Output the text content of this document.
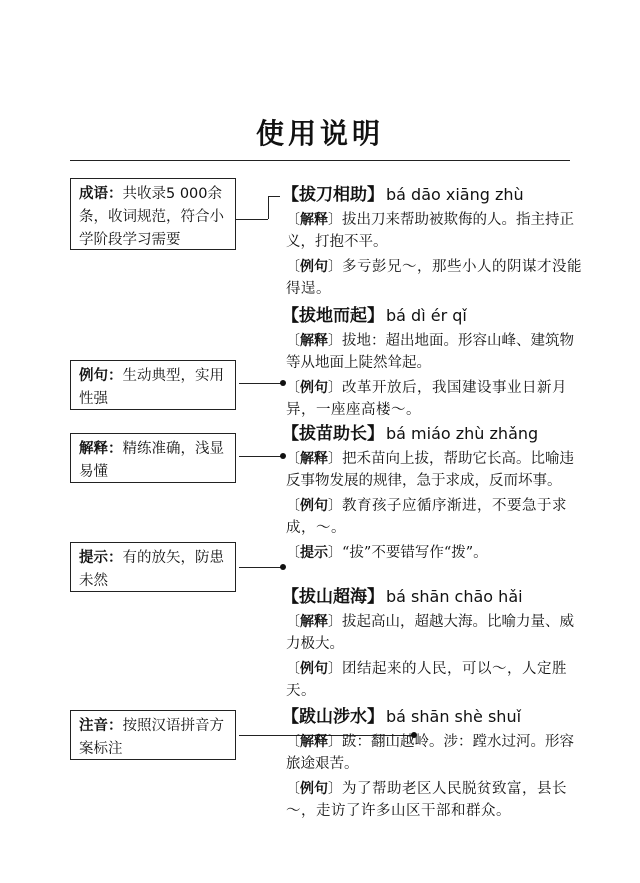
使用说明
成语：共收录5 000余条，收词规范，符合小学阶段学习需要
例句：生动典型，实用性强
解释：精练准确，浅显易懂
提示：有的放矢，防患未然
注音：按照汉语拼音方案标注
【拔刀相助】 bá dāo xiāng zhù
〔 解释 〕 拔出刀来帮助被欺侮的人。指主持正义，打抱不平。
〔 例句 〕 多亏彭兄～，那些小人的阴谋才没能得逞。
【拔地而起】 bá dì ér qǐ
〔 解释 〕 拔地：超出地面。形容山峰、建筑物等从地面上陡然耸起。
〔 例句 〕 改革开放后，我国建设事业日新月异，一座座高楼～。
【拔苗助长】 bá miáo zhù zhǎng
〔 解释 〕 把禾苗向上拔，帮助它长高。比喻违反事物发展的规律，急于求成，反而坏事。
〔 例句 〕 教育孩子应循序渐进，不要急于求成，～。
〔 提示 〕 “拔”不要错写作“拨”。
【拔山超海】 bá shān chāo hǎi
〔 解释 〕 拔起高山，超越大海。比喻力量、威力极大。
〔 例句 〕 团结起来的人民，可以～，人定胜天。
【跋山涉水】 bá shān shè shuǐ
〔 解释 〕 跋：翻山越岭。涉：蹚水过河。形容旅途艰苦。
〔 例句 〕 为了帮助老区人民脱贫致富，县长～，走访了许多山区干部和群众。
